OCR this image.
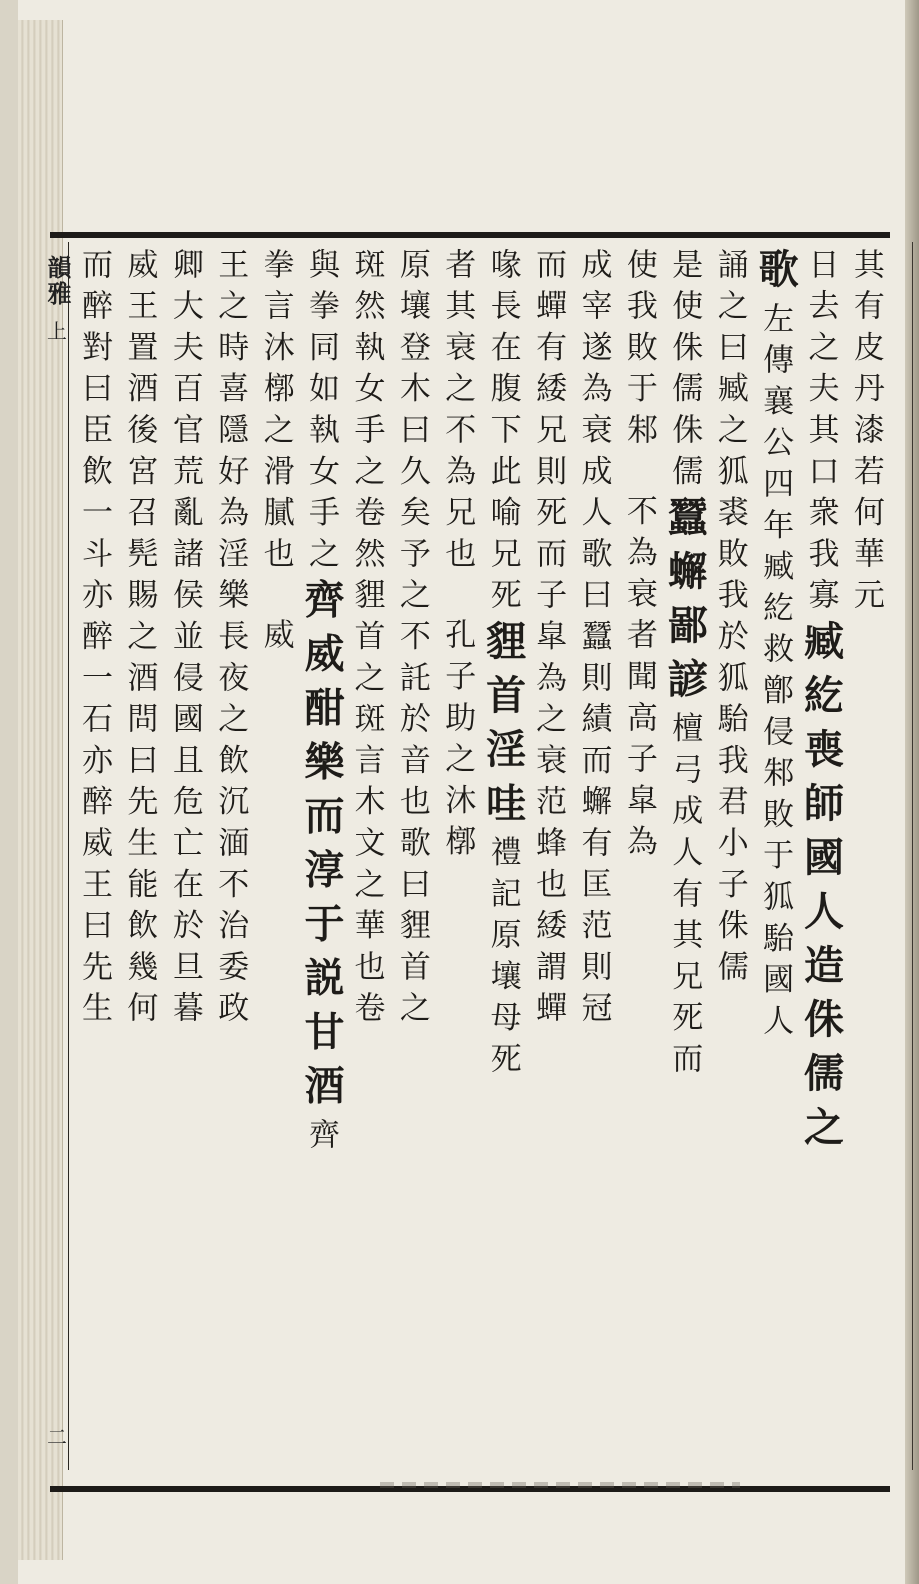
韻雅
上
二
其有皮丹漆若何華元
日去之夫其口衆我寡臧紇喪師國人造侏儒之
歌左傳襄公四年臧紇救鄫侵邾敗于狐駘國人
誦之曰臧之狐裘敗我於狐駘我君小子侏儒
是使侏儒侏儒蠶蠏鄙諺檀弓成人有其兄死而
使我敗于邾　不為衰者聞高子皐為
成宰遂為衰成人歌曰蠶則績而蠏有匡范則冠
而蟬有緌兄則死而子皐為之衰范蜂也緌謂蟬
喙長在腹下此喻兄死貍首淫哇禮記原壤母死
者其衰之不為兄也　孔子助之沐槨
原壤登木曰久矣予之不託於音也歌曰貍首之
斑然執女手之卷然貍首之斑言木文之華也卷
與拳同如執女手之齊威酣樂而淳于説甘酒齊
拳言沐槨之滑膩也　威
王之時喜隱好為淫樂長夜之飲沉湎不治委政
卿大夫百官荒亂諸侯並侵國且危亡在於旦暮
威王置酒後宮召髡賜之酒問曰先生能飲幾何
而醉對曰臣飲一斗亦醉一石亦醉威王曰先生
